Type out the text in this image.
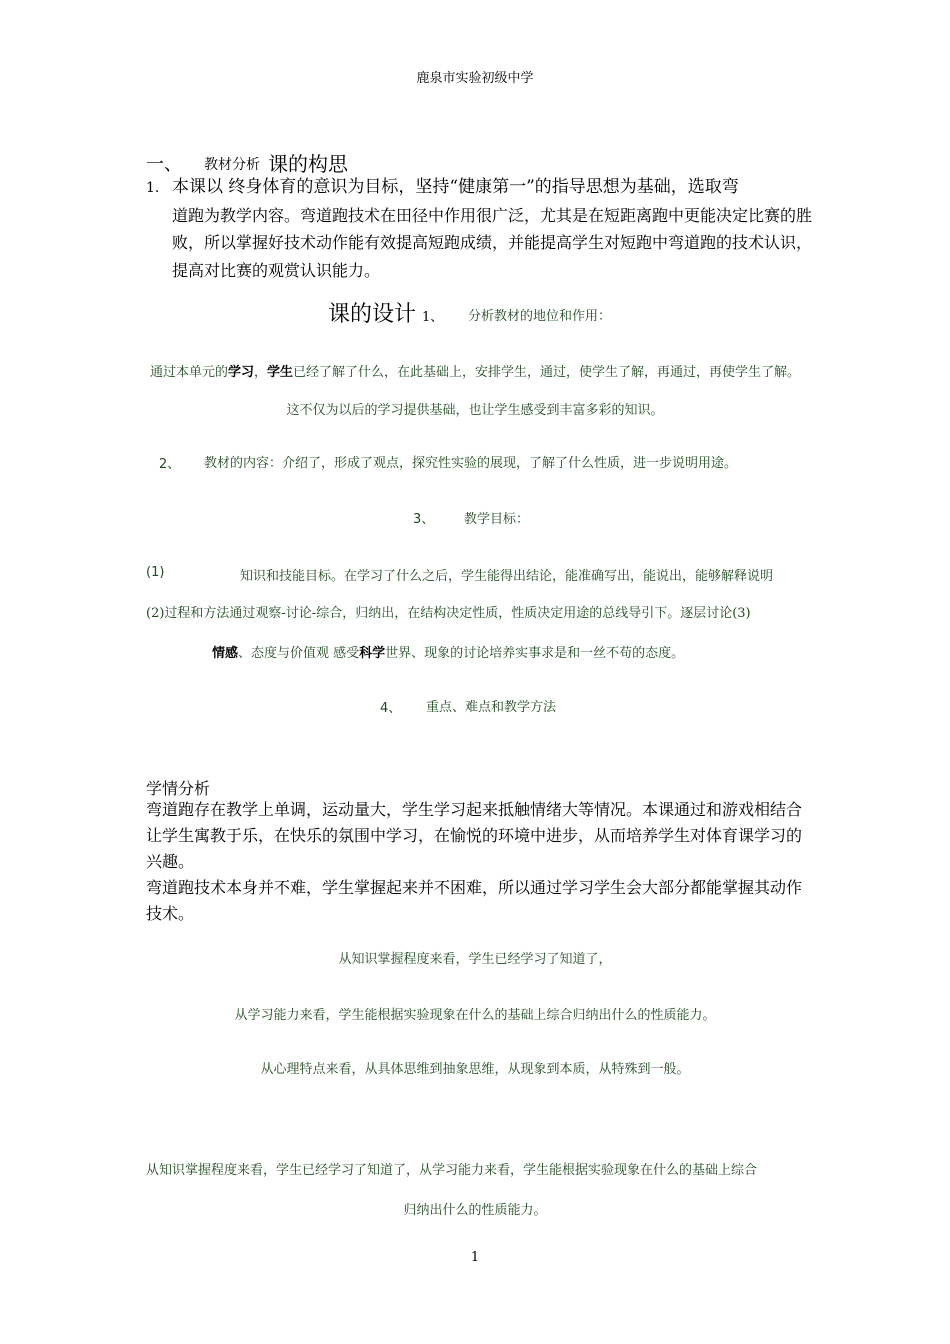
鹿泉市实验初级中学
一、 教材分析 课的构思
1. 本课以 终身体育的意识为目标，坚持“健康第一”的指导思想为基础，选取弯
道跑为教学内容。弯道跑技术在田径中作用很广泛，尤其是在短距离跑中更能决定比赛的胜败，所以掌握好技术动作能有效提高短跑成绩，并能提高学生对短跑中弯道跑的技术认识，提高对比赛的观赏认识能力。
课的设计 1、 分析教材的地位和作用：
通过本单元的学习，学生已经了解了什么，在此基础上，安排学生，通过，使学生了解，再通过，再使学生了解。
这不仅为以后的学习提供基础，也让学生感受到丰富多彩的知识。
2、 教材的内容：介绍了，形成了观点，探究性实验的展现，了解了什么性质，进一步说明用途。
3、 教学目标：
(1)	知识和技能目标。在学习了什么之后，学生能得出结论，能准确写出，能说出，能够解释说明
(2)过程和方法通过观察-讨论-综合，归纳出，在结构决定性质，性质决定用途的总线导引下。逐层讨论(3)
情感、态度与价值观 感受科学世界、现象的讨论培养实事求是和一丝不苟的态度。
4、 重点、难点和教学方法
学情分析
弯道跑存在教学上单调，运动量大，学生学习起来抵触情绪大等情况。本课通过和游戏相结合让学生寓教于乐，在快乐的氛围中学习，在愉悦的环境中进步，从而培养学生对体育课学习的兴趣。
弯道跑技术本身并不难，学生掌握起来并不困难，所以通过学习学生会大部分都能掌握其动作技术。
从知识掌握程度来看，学生已经学习了知道了，
从学习能力来看，学生能根据实验现象在什么的基础上综合归纳出什么的性质能力。
从心理特点来看，从具体思维到抽象思维，从现象到本质，从特殊到一般。
从知识掌握程度来看，学生已经学习了知道了，从学习能力来看，学生能根据实验现象在什么的基础上综合
归纳出什么的性质能力。
1
